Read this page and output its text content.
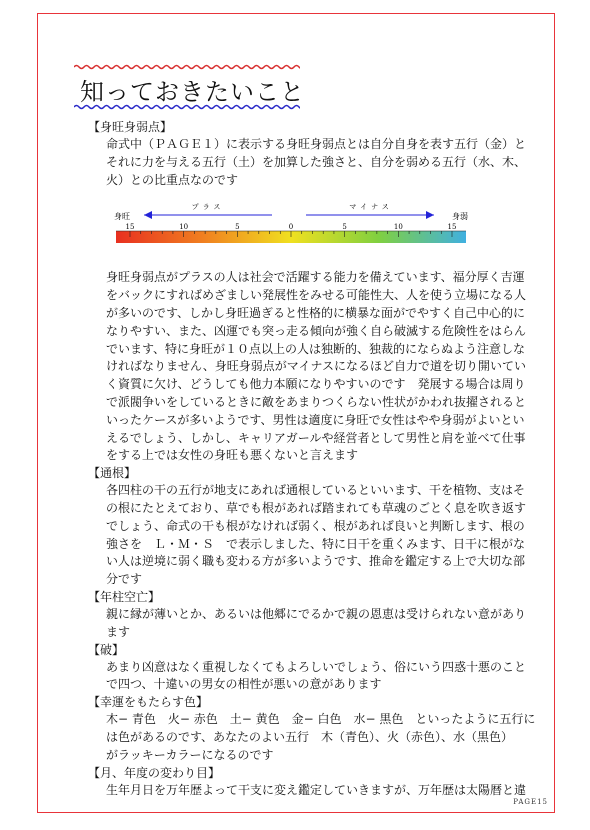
知っておきたいこと
【身旺身弱点】
命式中（ＰＡＧＥ１）に表示する身旺身弱点とは自分自身を表す五行（金）と
それに力を与える五行（土）を加算した強さと、自分を弱める五行（水、木、
火）との比重点なのです
15	10	5	0	5	10	15
身旺	身弱
プラス	マイナス
身旺身弱点がプラスの人は社会で活躍する能力を備えています、福分厚く吉運
をバックにすればめざましい発展性をみせる可能性大、人を使う立場になる人
が多いのです、しかし身旺過ぎると性格的に横暴な面がでやすく自己中心的に
なりやすい、また、凶運でも突っ走る傾向が強く自ら破滅する危険性をはらん
でいます、特に身旺が１０点以上の人は独断的、独裁的にならぬよう注意しな
ければなりません、身旺身弱点がマイナスになるほど自力で道を切り開いてい
く資質に欠け、どうしても他力本願になりやすいのです　発展する場合は周り
で派閥争いをしているときに敵をあまりつくらない性状がかわれ抜擢されると
いったケースが多いようです、男性は適度に身旺で女性はやや身弱がよいとい
えるでしょう、しかし、キャリアガールや経営者として男性と肩を並べて仕事
をする上では女性の身旺も悪くないと言えます
【通根】
各四柱の干の五行が地支にあれば通根しているといいます、干を植物、支はそ
の根にたとえており、草でも根があれば踏まれても草魂のごとく息を吹き返す
でしょう、命式の干も根がなければ弱く、根があれば良いと判断します、根の
強さを　Ｌ・Ｍ・Ｓ　で表示しました、特に日干を重くみます、日干に根がな
い人は逆境に弱く職も変わる方が多いようです、推命を鑑定する上で大切な部
分です
【年柱空亡】
親に縁が薄いとか、あるいは他郷にでるかで親の恩恵は受けられない意があり
ます
【破】
あまり凶意はなく重視しなくてもよろしいでしょう、俗にいう四惑十悪のこと
で四つ、十違いの男女の相性が悪いの意があります
【幸運をもたらす色】
木− 青色　火− 赤色　土− 黄色　金− 白色　水− 黒色　といったように五行に
は色があるのです、あなたのよい五行　木（青色）、火（赤色）、水（黒色）
がラッキーカラーになるのです
【月、年度の変わり目】
生年月日を万年歴よって干支に変え鑑定していきますが、万年歴は太陽暦と違
PAGE15
